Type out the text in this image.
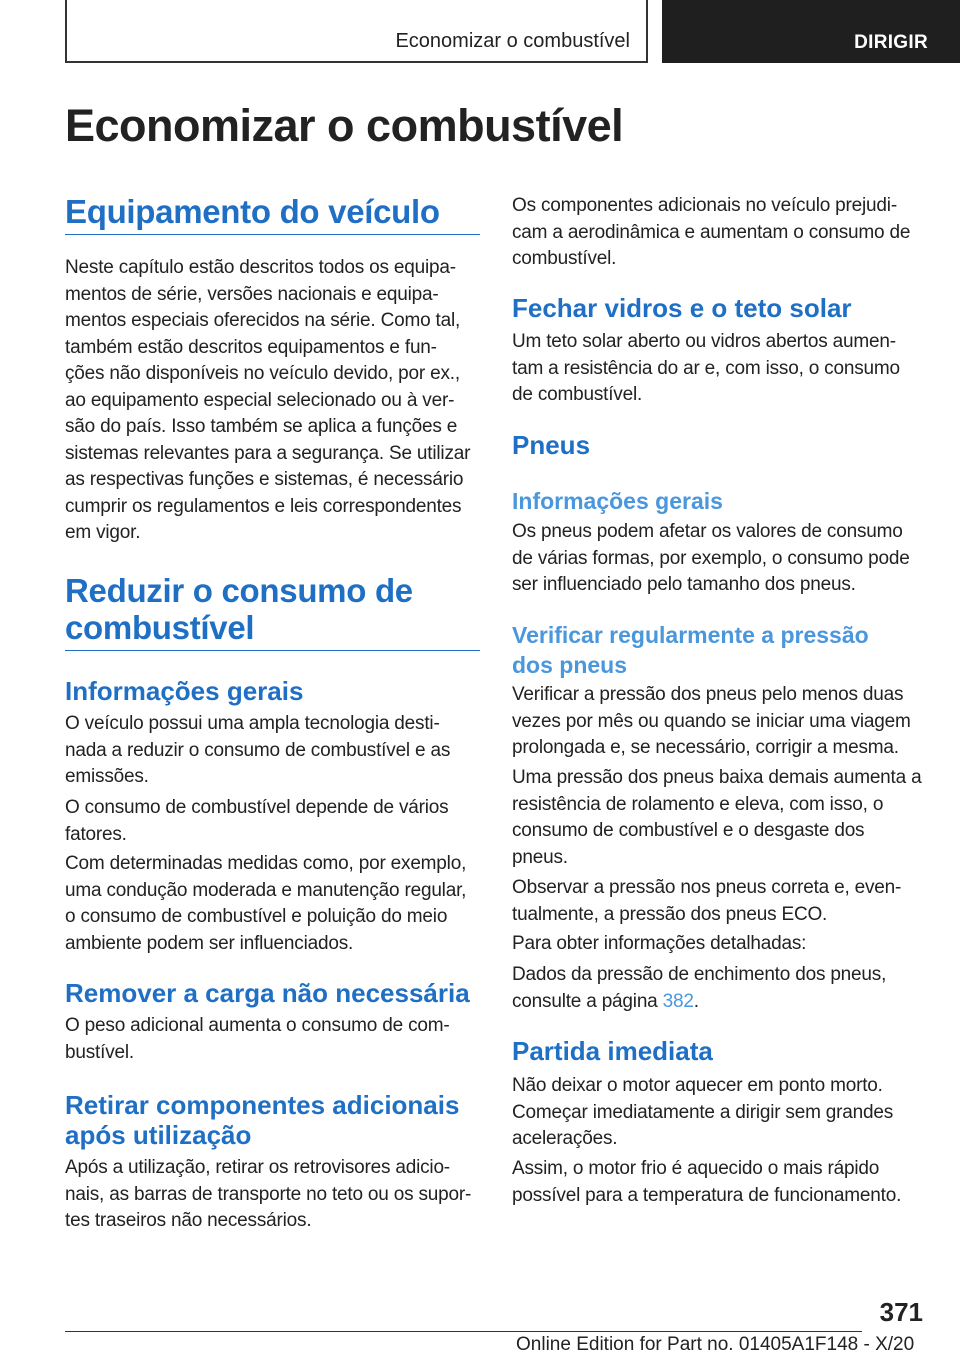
Economizar o combustível	DIRIGIR
Economizar o combustível
Equipamento do veículo

Neste capítulo estão descritos todos os equipa-

mentos de série, versões nacionais e equipa-

mentos especiais oferecidos na série. Como tal,

também estão descritos equipamentos e fun-

ções não disponíveis no veículo devido, por ex.,

ao equipamento especial selecionado ou à ver-

são do país. Isso também se aplica a funções e

sistemas relevantes para a segurança. Se utilizar

as respectivas funções e sistemas, é necessário

cumprir os regulamentos e leis correspondentes

em vigor.

Reduzir o consumo de
combustível
Informações gerais

O veículo possui uma ampla tecnologia desti-

nada a reduzir o consumo de combustível e as

emissões.

O consumo de combustível depende de vários

fatores.

Com determinadas medidas como, por exemplo,

uma condução moderada e manutenção regular,

o consumo de combustível e poluição do meio

ambiente podem ser influenciados.

Remover a carga não necessária

O peso adicional aumenta o consumo de com-

bustível.

Retirar componentes adicionais
após utilização

Após a utilização, retirar os retrovisores adicio-

nais, as barras de transporte no teto ou os supor-

tes traseiros não necessários.

Os componentes adicionais no veículo prejudi-

cam a aerodinâmica e aumentam o consumo de

combustível.

Fechar vidros e o teto solar

Um teto solar aberto ou vidros abertos aumen-

tam a resistência do ar e, com isso, o consumo

de combustível.

Pneus
Informações gerais

Os pneus podem afetar os valores de consumo

de várias formas, por exemplo, o consumo pode

ser influenciado pelo tamanho dos pneus.

Verificar regularmente a pressão
dos pneus

Verificar a pressão dos pneus pelo menos duas

vezes por mês ou quando se iniciar uma viagem

prolongada e, se necessário, corrigir a mesma.

Uma pressão dos pneus baixa demais aumenta a

resistência de rolamento e eleva, com isso, o

consumo de combustível e o desgaste dos

pneus.

Observar a pressão nos pneus correta e, even-

tualmente, a pressão dos pneus ECO.

Para obter informações detalhadas:

Dados da pressão de enchimento dos pneus,

consulte a página 382.

Partida imediata

Não deixar o motor aquecer em ponto morto.

Começar imediatamente a dirigir sem grandes

acelerações.

Assim, o motor frio é aquecido o mais rápido

possível para a temperatura de funcionamento.

371
Online Edition for Part no. 01405A1F148 - X/20
